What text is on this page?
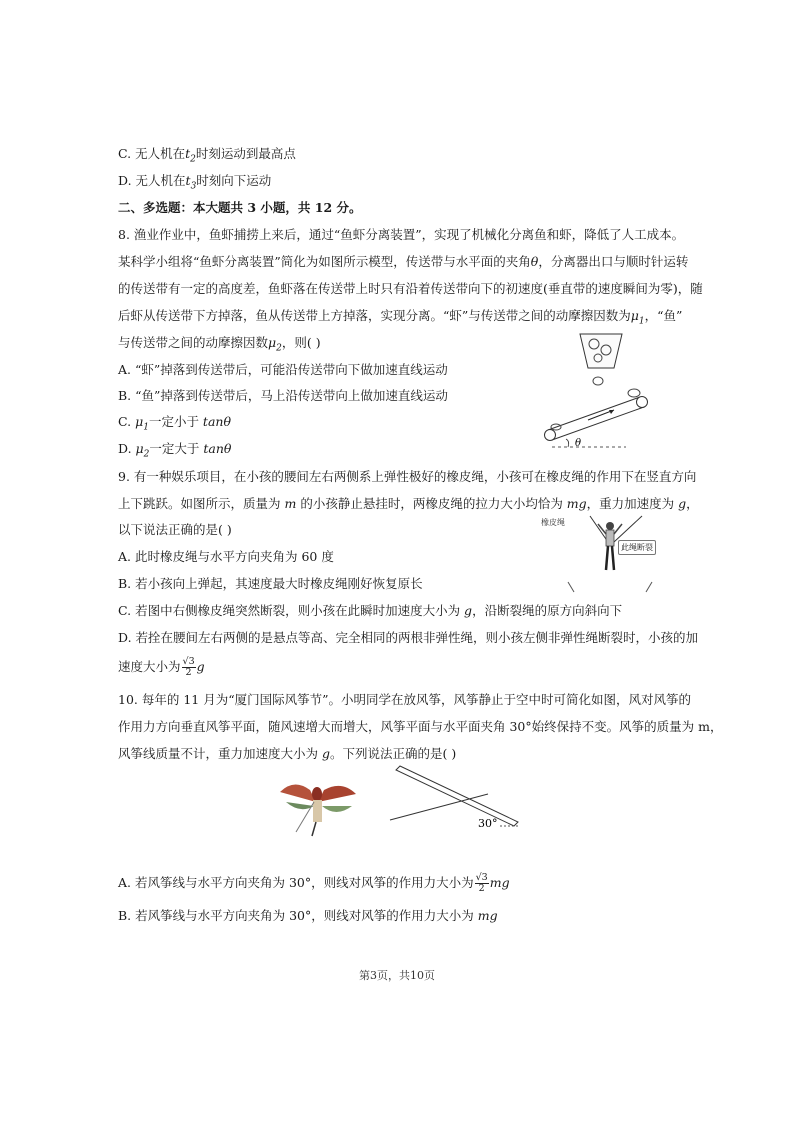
C. 无人机在$t_2$时刻运动到最高点
D. 无人机在$t_3$时刻向下运动
二、多选题：本大题共 3 小题，共 12 分。
8. 渔业作业中，鱼虾捕捞上来后，通过“鱼虾分离装置”，实现了机械化分离鱼和虾，降低了人工成本。
某科学小组将“鱼虾分离装置”简化为如图所示模型，传送带与水平面的夹角θ，分离器出口与顺时针运转
的传送带有一定的高度差，鱼虾落在传送带上时只有沿着传送带向下的初速度(垂直带的速度瞬间为零)，随
后虾从传送带下方掉落，鱼从传送带上方掉落，实现分离。“虾”与传送带之间的动摩擦因数为$\mu_1$，“鱼”
与传送带之间的动摩擦因数$\mu_2$，则( )
A. “虾”掉落到传送带后，可能沿传送带向下做加速直线运动
B. “鱼”掉落到传送带后，马上沿传送带向上做加速直线运动
C. $\mu_1$一定小于 tanθ
D. $\mu_2$一定大于 tanθ	θ
9. 有一种娱乐项目，在小孩的腰间左右两侧系上弹性极好的橡皮绳，小孩可在橡皮绳的作用下在竖直方向
上下跳跃。如图所示，质量为 m 的小孩静止悬挂时，两橡皮绳的拉力大小均恰为 mg，重力加速度为 g，
以下说法正确的是( )
A. 此时橡皮绳与水平方向夹角为 60 度
B. 若小孩向上弹起，其速度最大时橡皮绳刚好恢复原长
C. 若图中右侧橡皮绳突然断裂，则小孩在此瞬时加速度大小为 g，沿断裂绳的原方向斜向下
D. 若拴在腰间左右两侧的是悬点等高、完全相同的两根非弹性绳，则小孩左侧非弹性绳断裂时，小孩的加
速度大小为 $\frac{√3}{2}$ g
橡皮绳
此绳断裂
10. 每年的 11 月为“厦门国际风筝节”。小明同学在放风筝，风筝静止于空中时可简化如图，风对风筝的
作用力方向垂直风筝平面，随风速增大而增大，风筝平面与水平面夹角 30°始终保持不变。风筝的质量为 m，
风筝线质量不计，重力加速度大小为 g。下列说法正确的是( )
30°
A. 若风筝线与水平方向夹角为 30°，则线对风筝的作用力大小为 $\frac{√3}{2}$ mg
B. 若风筝线与水平方向夹角为 30°，则线对风筝的作用力大小为 mg
第3页，共10页
